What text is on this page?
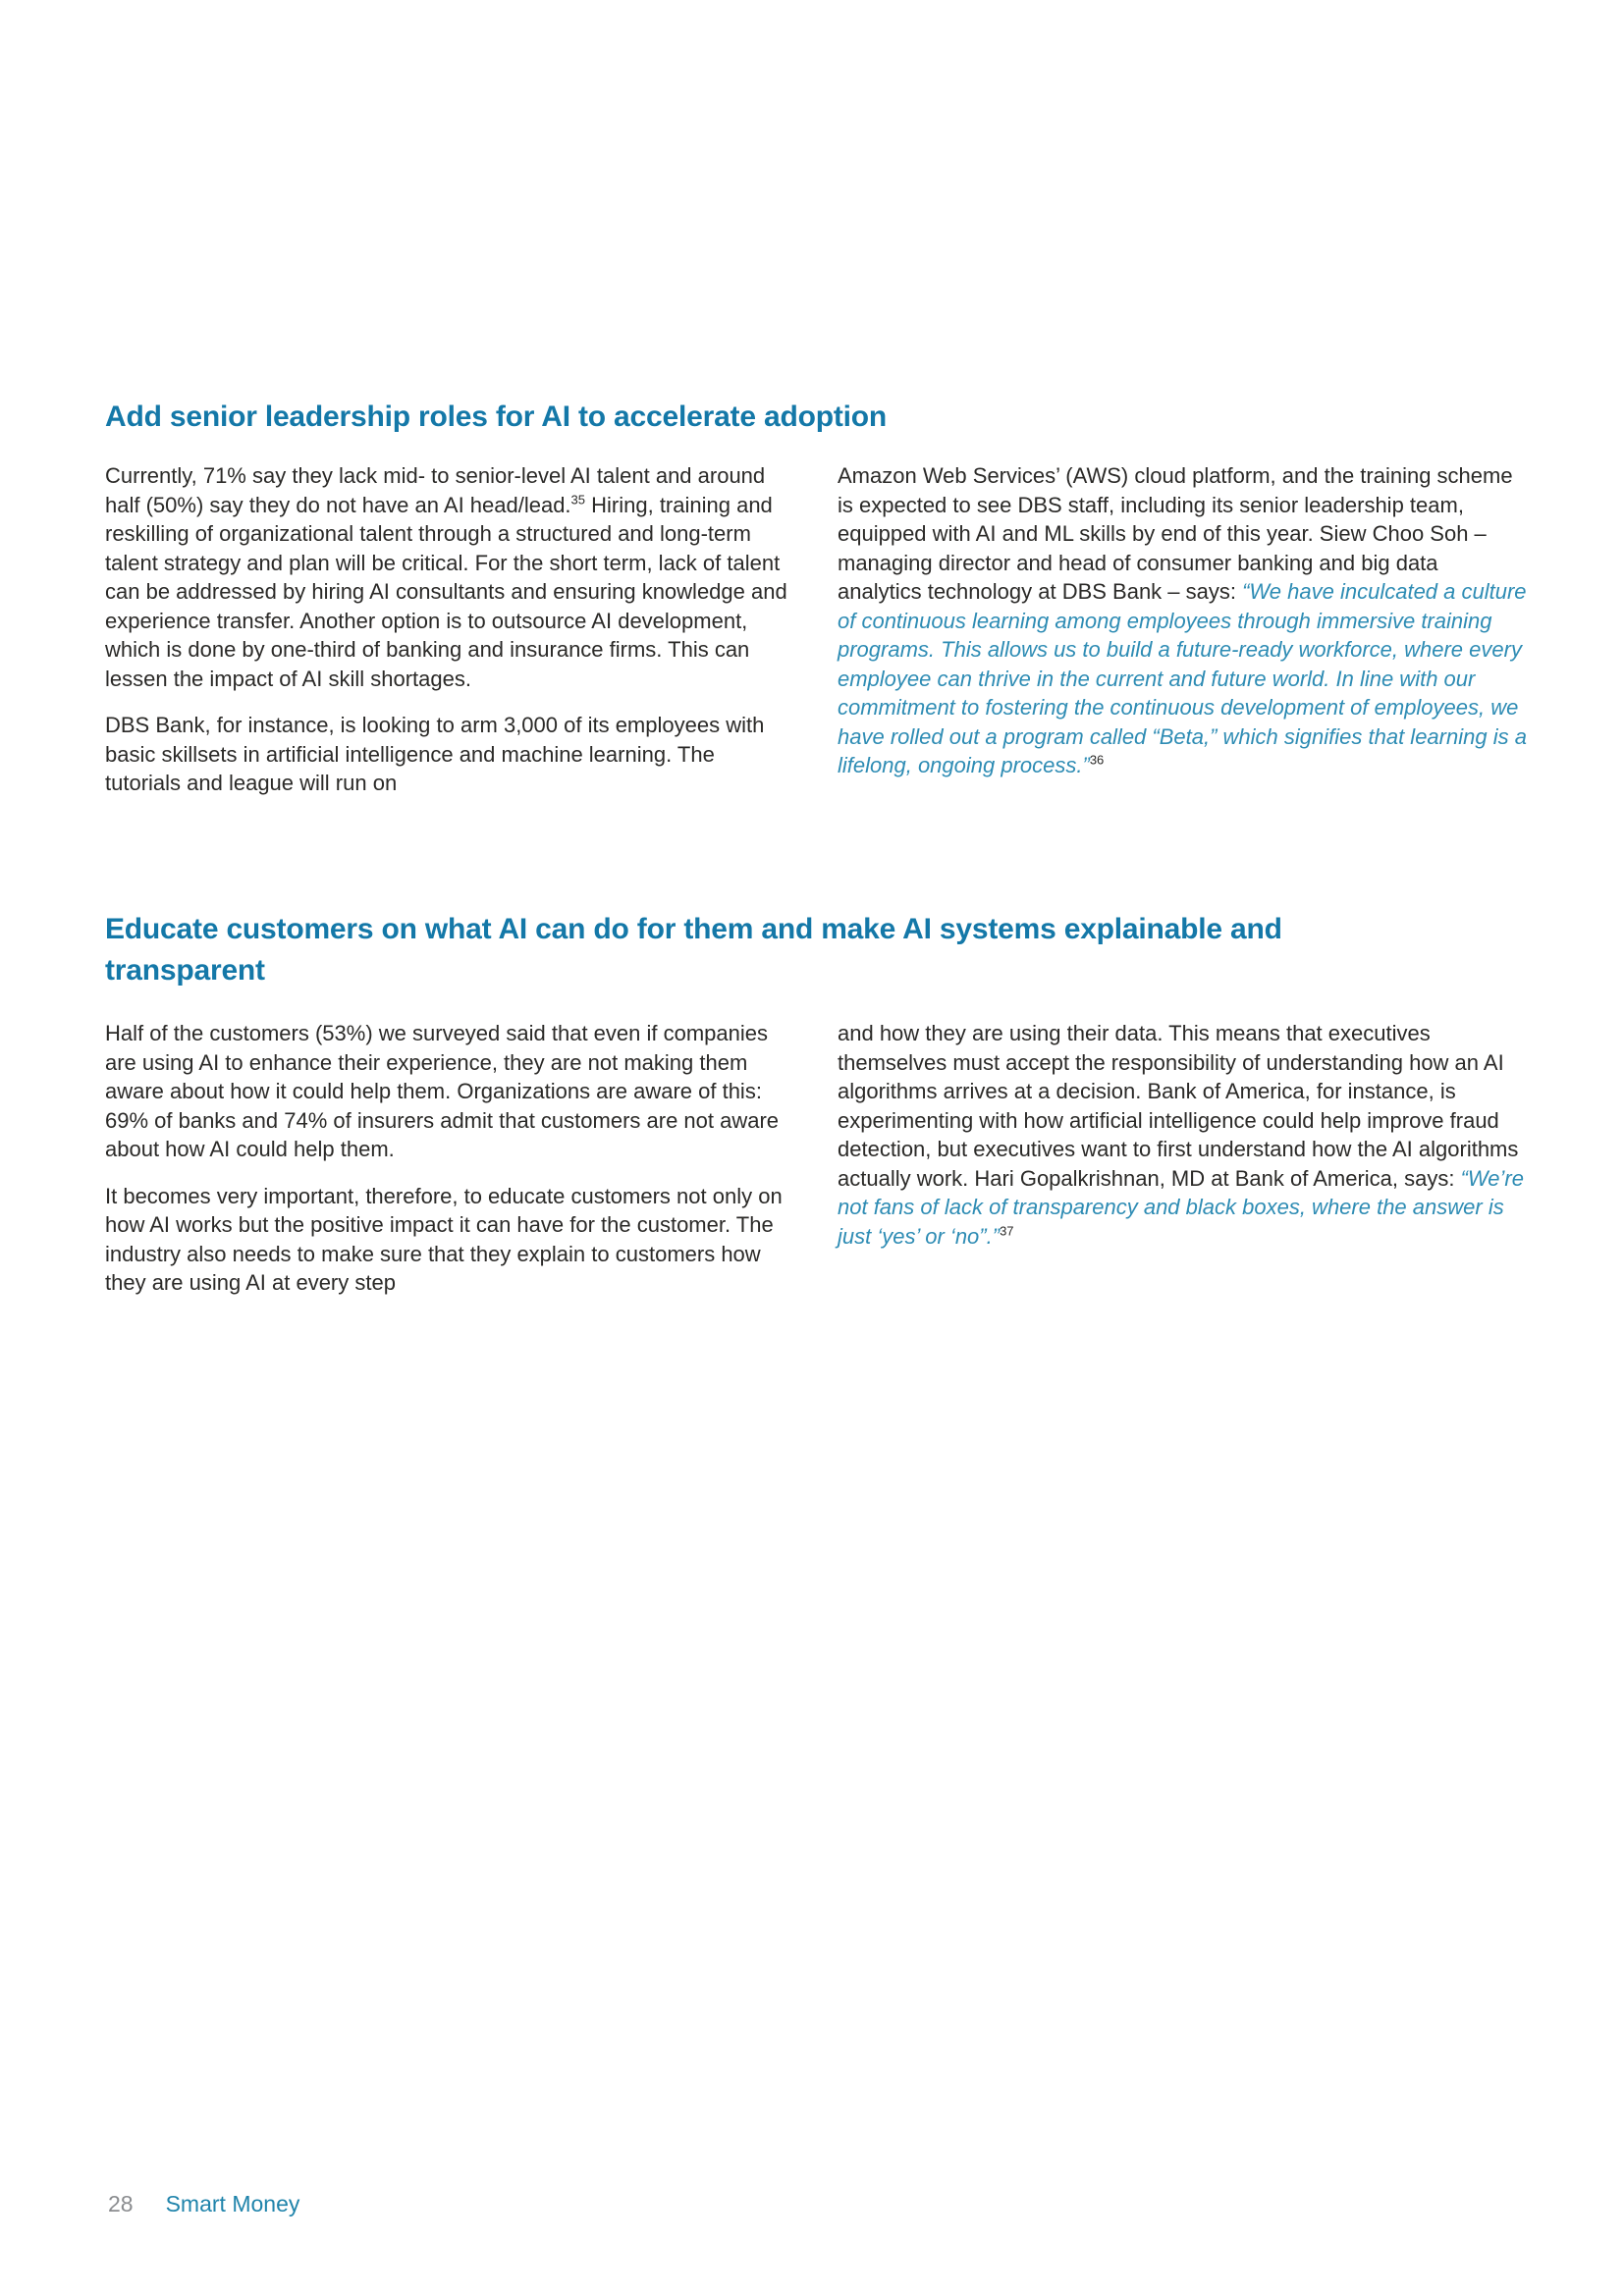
Add senior leadership roles for AI to accelerate adoption

Currently, 71% say they lack mid- to senior-level AI talent and around half (50%) say they do not have an AI head/lead.$^{35}$ Hiring, training and reskilling of organizational talent through a structured and long-term talent strategy and plan will be critical. For the short term, lack of talent can be addressed by hiring AI consultants and ensuring knowledge and experience transfer. Another option is to outsource AI development, which is done by one-third of banking and insurance firms. This can lessen the impact of AI skill shortages.

DBS Bank, for instance, is looking to arm 3,000 of its employees with basic skillsets in artificial intelligence and machine learning. The tutorials and league will run on

Amazon Web Services’ (AWS) cloud platform, and the training scheme is expected to see DBS staff, including its senior leadership team, equipped with AI and ML skills by end of this year. Siew Choo Soh – managing director and head of consumer banking and big data analytics technology at DBS Bank – says: “We have inculcated a culture of continuous learning among employees through immersive training programs. This allows us to build a future-ready workforce, where every employee can thrive in the current and future world. In line with our commitment to fostering the continuous development of employees, we have rolled out a program called “Beta,” which signifies that learning is a lifelong, ongoing process.”$^{36}$

Educate customers on what AI can do for them and make AI systems explainable and transparent

Half of the customers (53%) we surveyed said that even if companies are using AI to enhance their experience, they are not making them aware about how it could help them. Organizations are aware of this: 69% of banks and 74% of insurers admit that customers are not aware about how AI could help them.

It becomes very important, therefore, to educate customers not only on how AI works but the positive impact it can have for the customer. The industry also needs to make sure that they explain to customers how they are using AI at every step

and how they are using their data. This means that executives themselves must accept the responsibility of understanding how an AI algorithms arrives at a decision. Bank of America, for instance, is experimenting with how artificial intelligence could help improve fraud detection, but executives want to first understand how the AI algorithms actually work. Hari Gopalkrishnan, MD at Bank of America, says: “We’re not fans of lack of transparency and black boxes, where the answer is just ‘yes’ or ‘no”.”$^{37}$

28 Smart Money
